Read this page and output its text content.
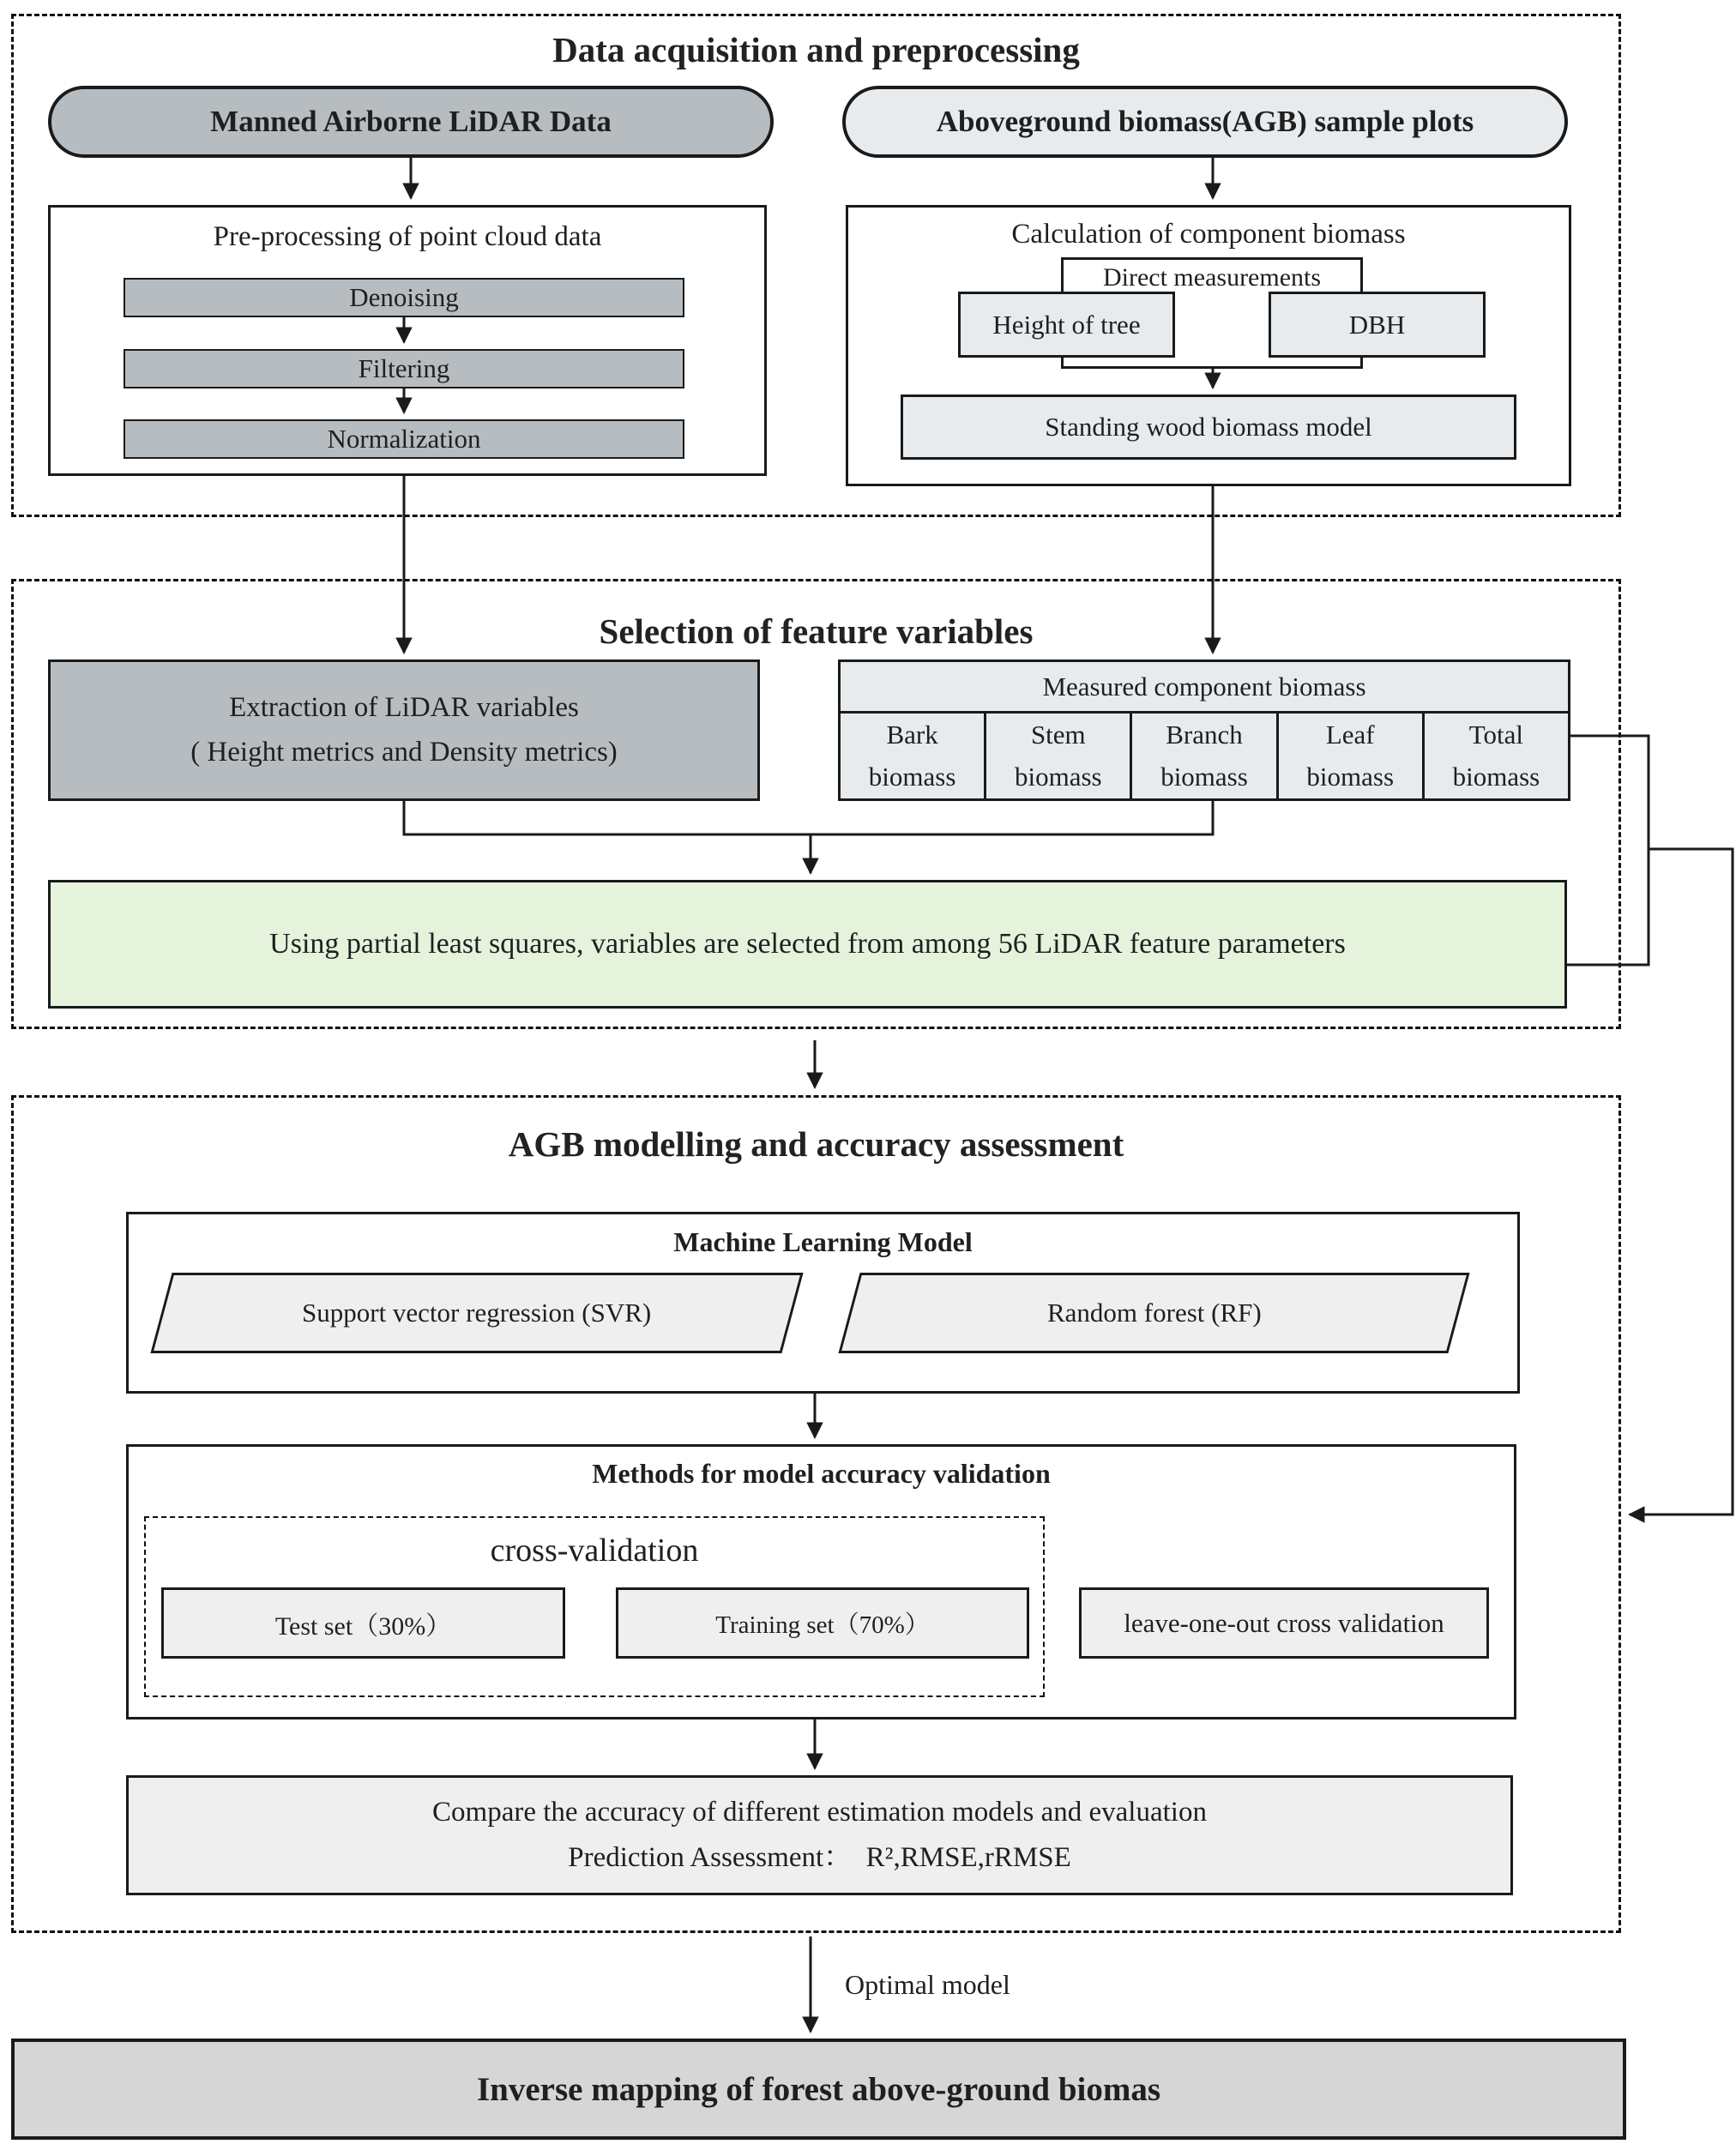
Data acquisition and preprocessing
Manned Airborne LiDAR Data	Aboveground biomass(AGB) sample plots
Pre-processing of point cloud data
Denoising
Filtering
Normalization
Calculation of component biomass
Direct measurements
Height of tree	DBH
Standing wood biomass model
Selection of feature variables
Extraction of LiDAR variables
( Height metrics and Density metrics)
Measured component biomass
Bark biomass
Stem biomass
Branch biomass
Leaf biomass
Total biomass
Using partial least squares, variables are selected from among 56 LiDAR feature parameters
AGB modelling and accuracy assessment
Machine Learning Model
Support vector regression (SVR)	Random forest (RF)
Methods for model accuracy validation
cross-validation
Test set（30%）	Training set（70%）	leave-one-out cross validation
Compare the accuracy of different estimation models and evaluation
Prediction Assessment：  R²,RMSE,rRMSE
Optimal model
Inverse mapping of forest above-ground biomas
